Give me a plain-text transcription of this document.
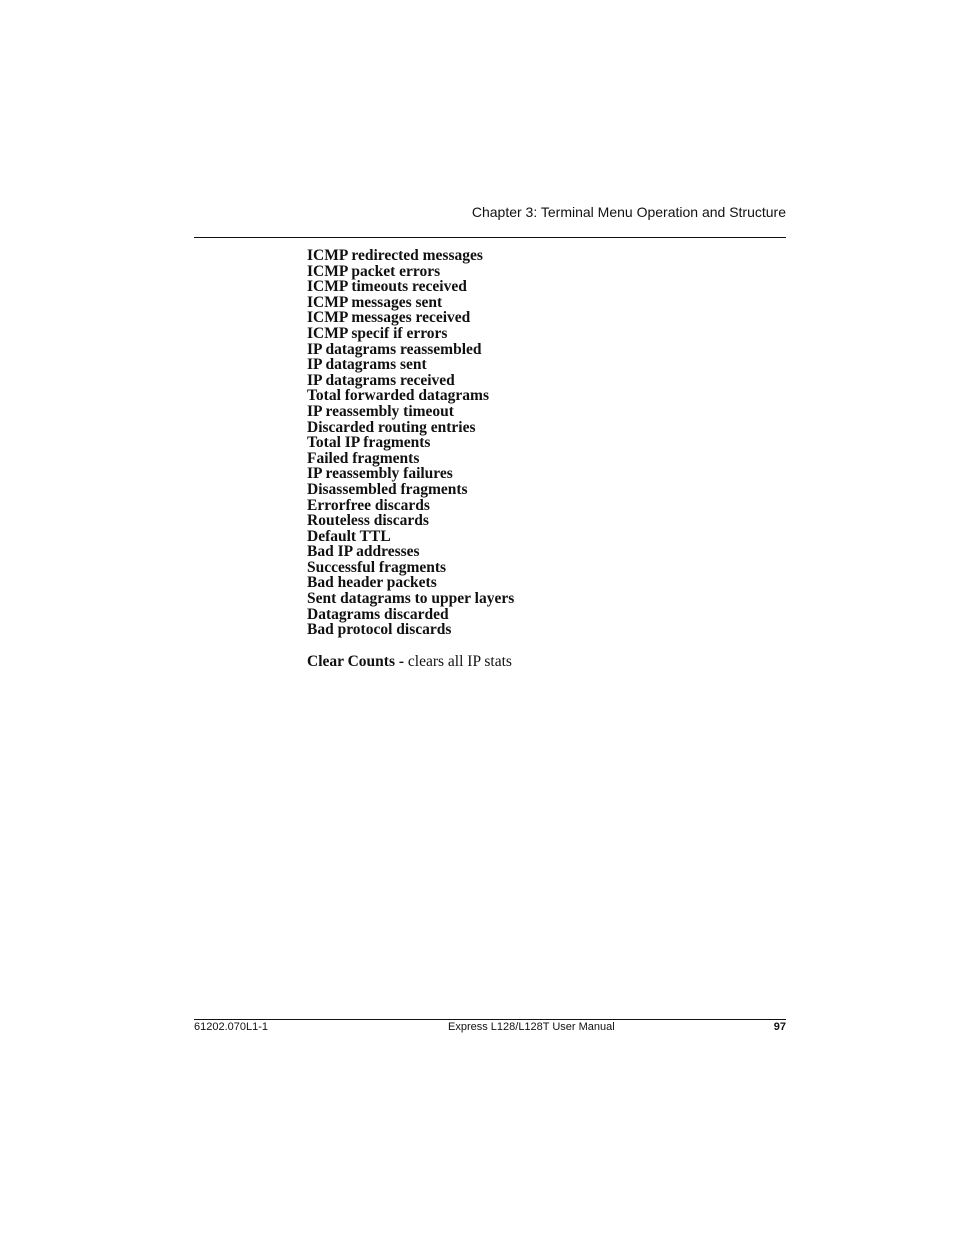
Chapter 3: Terminal Menu Operation and Structure
ICMP redirected messages
ICMP packet errors
ICMP timeouts received
ICMP messages sent
ICMP messages received
ICMP specif if errors
IP datagrams reassembled
IP datagrams sent
IP datagrams received
Total forwarded datagrams
IP reassembly timeout
Discarded routing entries
Total IP fragments
Failed fragments
IP reassembly failures
Disassembled fragments
Errorfree discards
Routeless discards
Default TTL
Bad IP addresses
Successful fragments
Bad header packets
Sent datagrams to upper layers
Datagrams discarded
Bad protocol discards
Clear Counts - clears all IP stats
61202.070L1-1	Express L128/L128T User Manual	97
